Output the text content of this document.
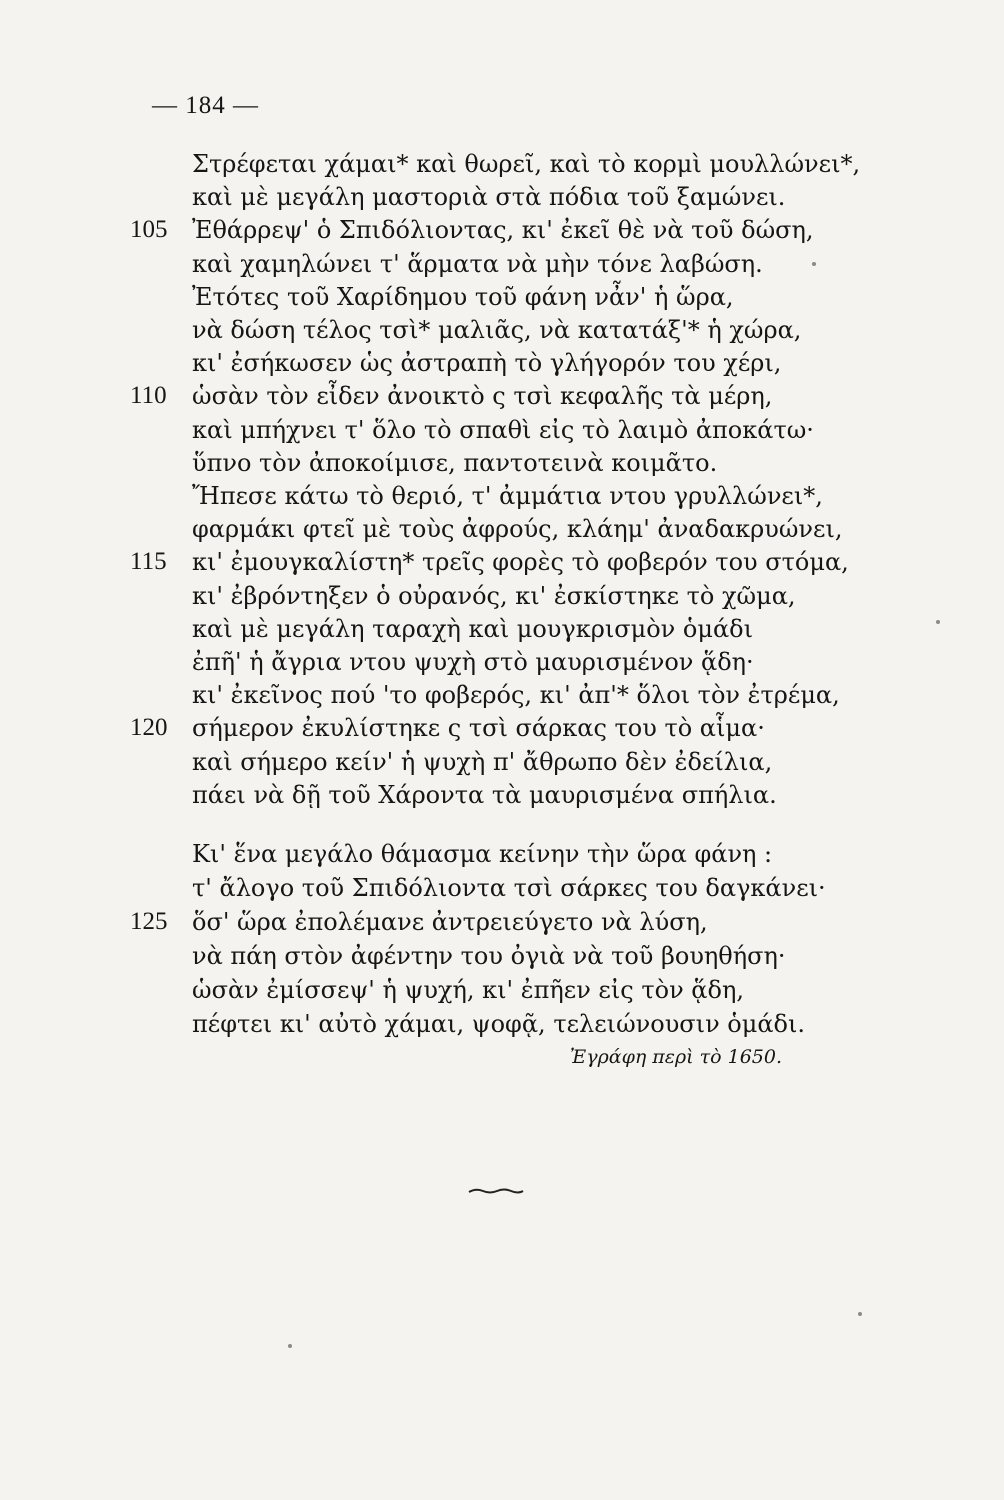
— 184 —
Στρέφεται χάμαι* καὶ θωρεῖ, καὶ τὸ κορμὶ μουλλώνει*,
καὶ μὲ μεγάλη μαστοριὰ στὰ πόδια τοῦ ξαμώνει.
105 Ἐθάρρεψ' ὁ Σπιδόλιοντας, κι' ἐκεῖ θὲ νὰ τοῦ δώση,
καὶ χαμηλώνει τ' ἅρματα νὰ μὴν τόνε λαβώση.
Ἐτότες τοῦ Χαρίδημου τοῦ φάνη νἆν' ἡ ὥρα,
νὰ δώση τέλος τσὶ* μαλιᾶς, νὰ κατατάξ'* ἡ χώρα,
κι' ἐσήκωσεν ὡς ἀστραπὴ τὸ γλήγορόν του χέρι,
110 ὡσὰν τὸν εἶδεν ἀνοικτὸ ς τσὶ κεφαλῆς τὰ μέρη,
καὶ μπήχνει τ' ὅλο τὸ σπαθὶ εἰς τὸ λαιμὸ ἀποκάτω·
ὕπνο τὸν ἀποκοίμισε, παντοτεινὰ κοιμᾶτο.
Ἤπεσε κάτω τὸ θεριό, τ' ἀμμάτια ντου γρυλλώνει*,
φαρμάκι φτεῖ μὲ τοὺς ἀφρούς, κλάημ' ἀναδακρυώνει,
115 κι' ἐμουγκαλίστη* τρεῖς φορὲς τὸ φοβερόν του στόμα,
κι' ἐβρόντηξεν ὁ οὐρανός, κι' ἐσκίστηκε τὸ χῶμα,
καὶ μὲ μεγάλη ταραχὴ καὶ μουγκρισμὸν ὁμάδι
ἐπῆ' ἡ ἄγρια ντου ψυχὴ στὸ μαυρισμένον ᾅδη·
κι' ἐκεῖνος πού 'το φοβερός, κι' ἀπ'* ὅλοι τὸν ἐτρέμα,
120 σήμερον ἐκυλίστηκε ς τσὶ σάρκας του τὸ αἷμα·
καὶ σήμερο κείν' ἡ ψυχὴ π' ἄθρωπο δὲν ἐδείλια,
πάει νὰ δῇ τοῦ Χάροντα τὰ μαυρισμένα σπήλια.
Κι' ἕνα μεγάλο θάμασμα κείνην τὴν ὥρα φάνη :
τ' ἄλογο τοῦ Σπιδόλιοντα τσὶ σάρκες του δαγκάνει·
125 ὅσ' ὥρα ἐπολέμανε ἀντρειεύγετο νὰ λύση,
νὰ πάη στὸν ἀφέντην του ὀγιὰ νὰ τοῦ βουηθήση·
ὡσὰν ἐμίσσεψ' ἡ ψυχή, κι' ἐπῆεν εἰς τὸν ᾅδη,
πέφτει κι' αὐτὸ χάμαι, ψοφᾷ, τελειώνουσιν ὁμάδι.
Ἐγράφη περὶ τὸ 1650.
